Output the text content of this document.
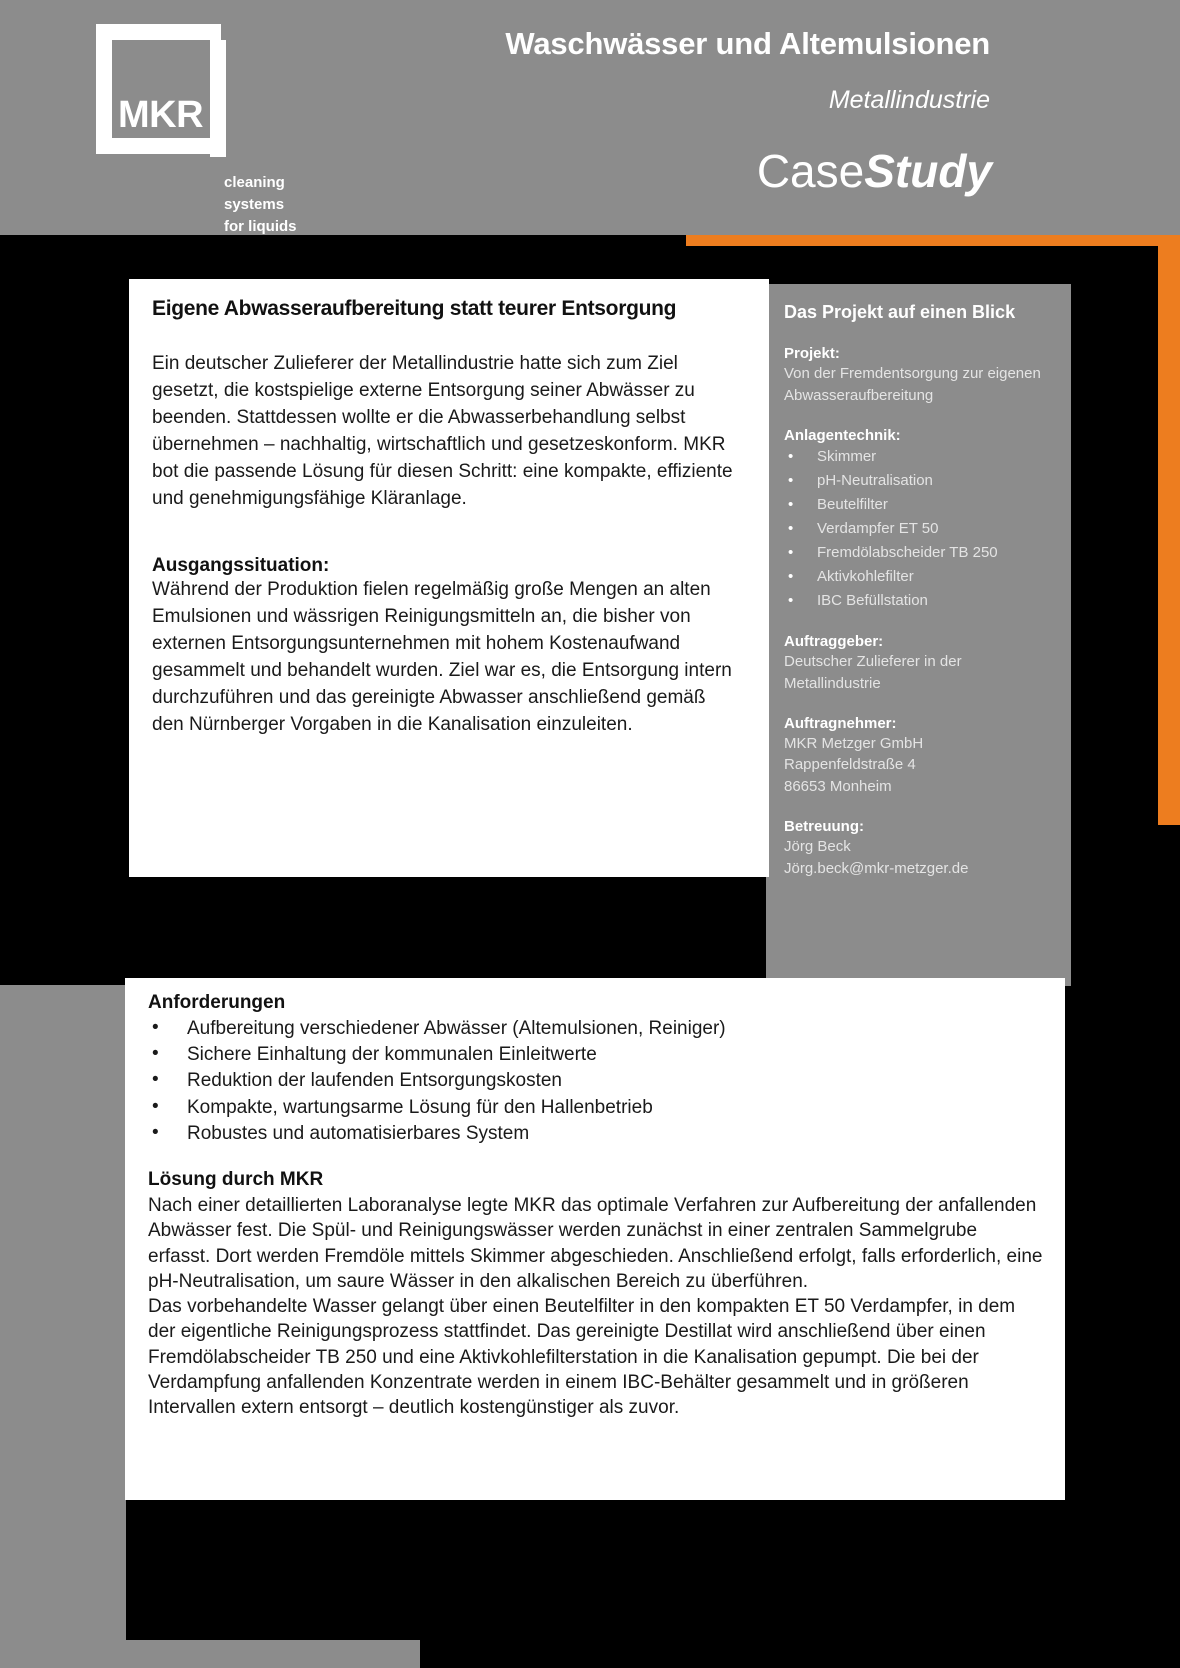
MKR
cleaning
systems
for liquids
Waschwässer und Altemulsionen
Metallindustrie
CaseStudy
Das Projekt auf einen Blick
Projekt:
Von der Fremdentsorgung zur eigenen Abwasseraufbereitung
Anlagentechnik:
• Skimmer
• pH-Neutralisation
• Beutelfilter
• Verdampfer ET 50
• Fremdölabscheider TB 250
• Aktivkohlefilter
• IBC Befüllstation
Auftraggeber:
Deutscher Zulieferer in der Metallindustrie
Auftragnehmer:
MKR Metzger GmbH
Rappenfeldstraße 4
86653 Monheim
Betreuung:
Jörg Beck
Jörg.beck@mkr-metzger.de
Eigene Abwasseraufbereitung statt teurer Entsorgung
Ein deutscher Zulieferer der Metallindustrie hatte sich zum Ziel gesetzt, die kostspielige externe Entsorgung seiner Abwässer zu beenden. Stattdessen wollte er die Abwasserbehandlung selbst übernehmen – nachhaltig, wirtschaftlich und gesetzeskonform. MKR bot die passende Lösung für diesen Schritt: eine kompakte, effiziente und genehmigungsfähige Kläranlage.
Ausgangssituation:
Während der Produktion fielen regelmäßig große Mengen an alten Emulsionen und wässrigen Reinigungsmitteln an, die bisher von externen Entsorgungsunternehmen mit hohem Kostenaufwand gesammelt und behandelt wurden. Ziel war es, die Entsorgung intern durchzuführen und das gereinigte Abwasser anschließend gemäß den Nürnberger Vorgaben in die Kanalisation einzuleiten.
Anforderungen
• Aufbereitung verschiedener Abwässer (Altemulsionen, Reiniger)
• Sichere Einhaltung der kommunalen Einleitwerte
• Reduktion der laufenden Entsorgungskosten
• Kompakte, wartungsarme Lösung für den Hallenbetrieb
• Robustes und automatisierbares System
Lösung durch MKR
Nach einer detaillierten Laboranalyse legte MKR das optimale Verfahren zur Aufbereitung der anfallenden Abwässer fest. Die Spül- und Reinigungswässer werden zunächst in einer zentralen Sammelgrube erfasst. Dort werden Fremdöle mittels Skimmer abgeschieden. Anschließend erfolgt, falls erforderlich, eine pH-Neutralisation, um saure Wässer in den alkalischen Bereich zu überführen.
Das vorbehandelte Wasser gelangt über einen Beutelfilter in den kompakten ET 50 Verdampfer, in dem der eigentliche Reinigungsprozess stattfindet. Das gereinigte Destillat wird anschließend über einen Fremdölabscheider TB 250 und eine Aktivkohlefilterstation in die Kanalisation gepumpt. Die bei der Verdampfung anfallenden Konzentrate werden in einem IBC-Behälter gesammelt und in größeren Intervallen extern entsorgt – deutlich kostengünstiger als zuvor.
